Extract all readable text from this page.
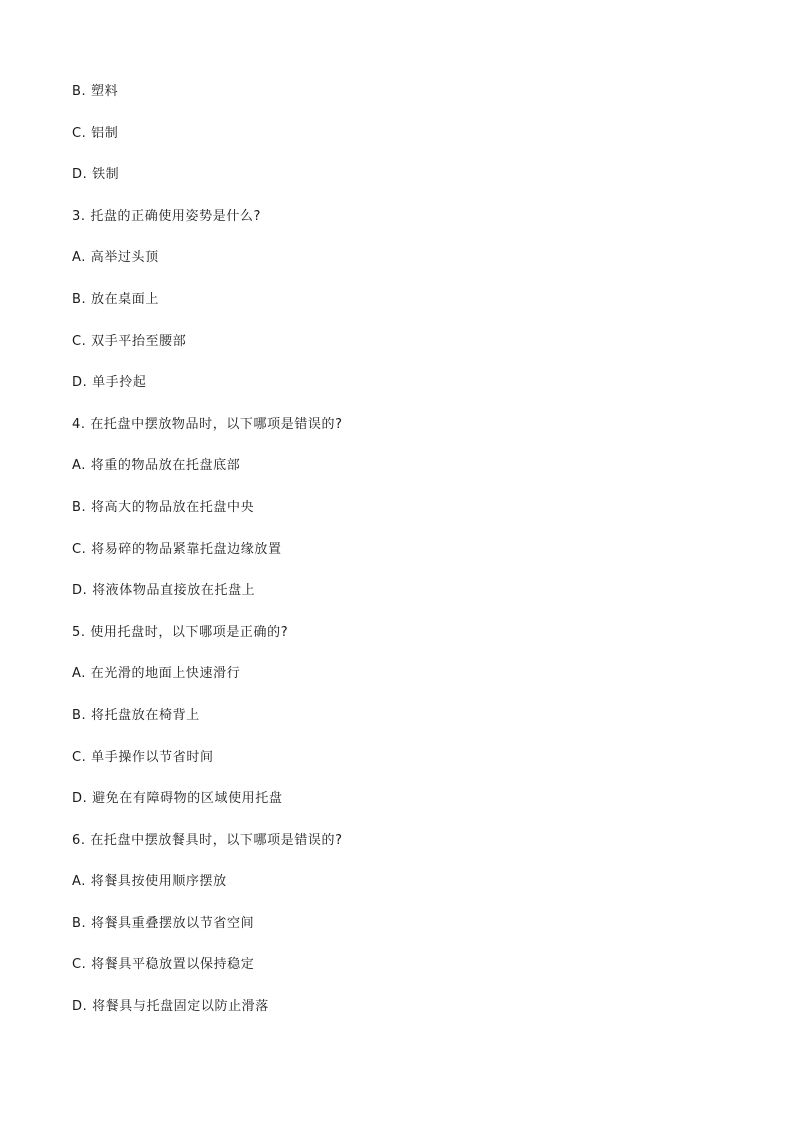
B. 塑料
C. 铝制
D. 铁制
3. 托盘的正确使用姿势是什么?
A. 高举过头顶
B. 放在桌面上
C. 双手平抬至腰部
D. 单手拎起
4. 在托盘中摆放物品时，以下哪项是错误的?
A. 将重的物品放在托盘底部
B. 将高大的物品放在托盘中央
C. 将易碎的物品紧靠托盘边缘放置
D. 将液体物品直接放在托盘上
5. 使用托盘时，以下哪项是正确的?
A. 在光滑的地面上快速滑行
B. 将托盘放在椅背上
C. 单手操作以节省时间
D. 避免在有障碍物的区域使用托盘
6. 在托盘中摆放餐具时，以下哪项是错误的?
A. 将餐具按使用顺序摆放
B. 将餐具重叠摆放以节省空间
C. 将餐具平稳放置以保持稳定
D. 将餐具与托盘固定以防止滑落
